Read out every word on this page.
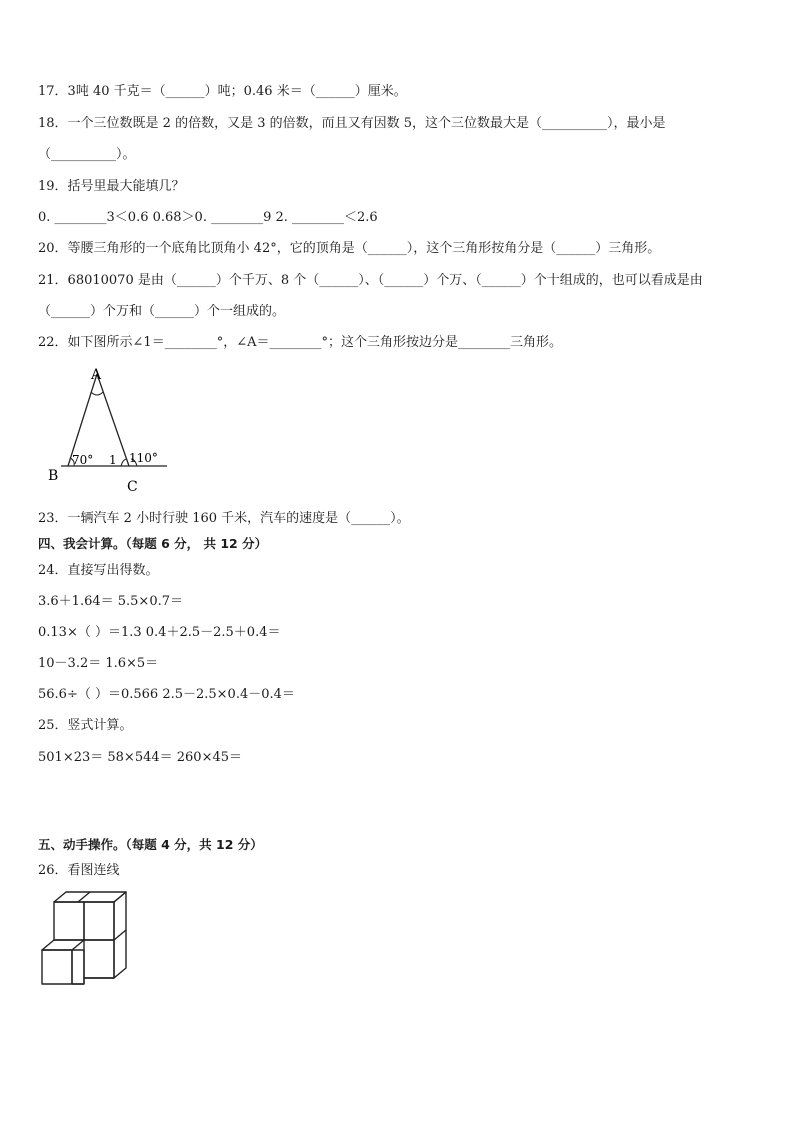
17．3吨 40 千克＝（______）吨；0.46 米＝（______）厘米。
18．一个三位数既是 2 的倍数，又是 3 的倍数，而且又有因数 5，这个三位数最大是（__________），最小是
（__________）。
19．括号里最大能填几？
0. ________3＜0.6 0.68＞0. ________9 2. ________＜2.6
20．等腰三角形的一个底角比顶角小 42°，它的顶角是（______），这个三角形按角分是（______）三角形。
21．68010070 是由（______）个千万、8 个（______）、（______）个万、（______）个十组成的，也可以看成是由
（______）个万和（______）个一组成的。
22．如下图所示∠1＝________°，∠A＝________°；这个三角形按边分是________三角形。
A
B
C
70° 1 110°
23．一辆汽车 2 小时行驶 160 千米，汽车的速度是（______）。
四、我会计算。（每题 6 分， 共 12 分）
24．直接写出得数。
3.6＋1.64＝ 5.5×0.7＝
0.13×（ ）＝1.3 0.4＋2.5－2.5＋0.4＝
10－3.2＝ 1.6×5＝
56.6÷（ ）＝0.566 2.5－2.5×0.4－0.4＝
25．竖式计算。
501×23＝ 58×544＝ 260×45＝
五、动手操作。（每题 4 分，共 12 分）
26．看图连线
